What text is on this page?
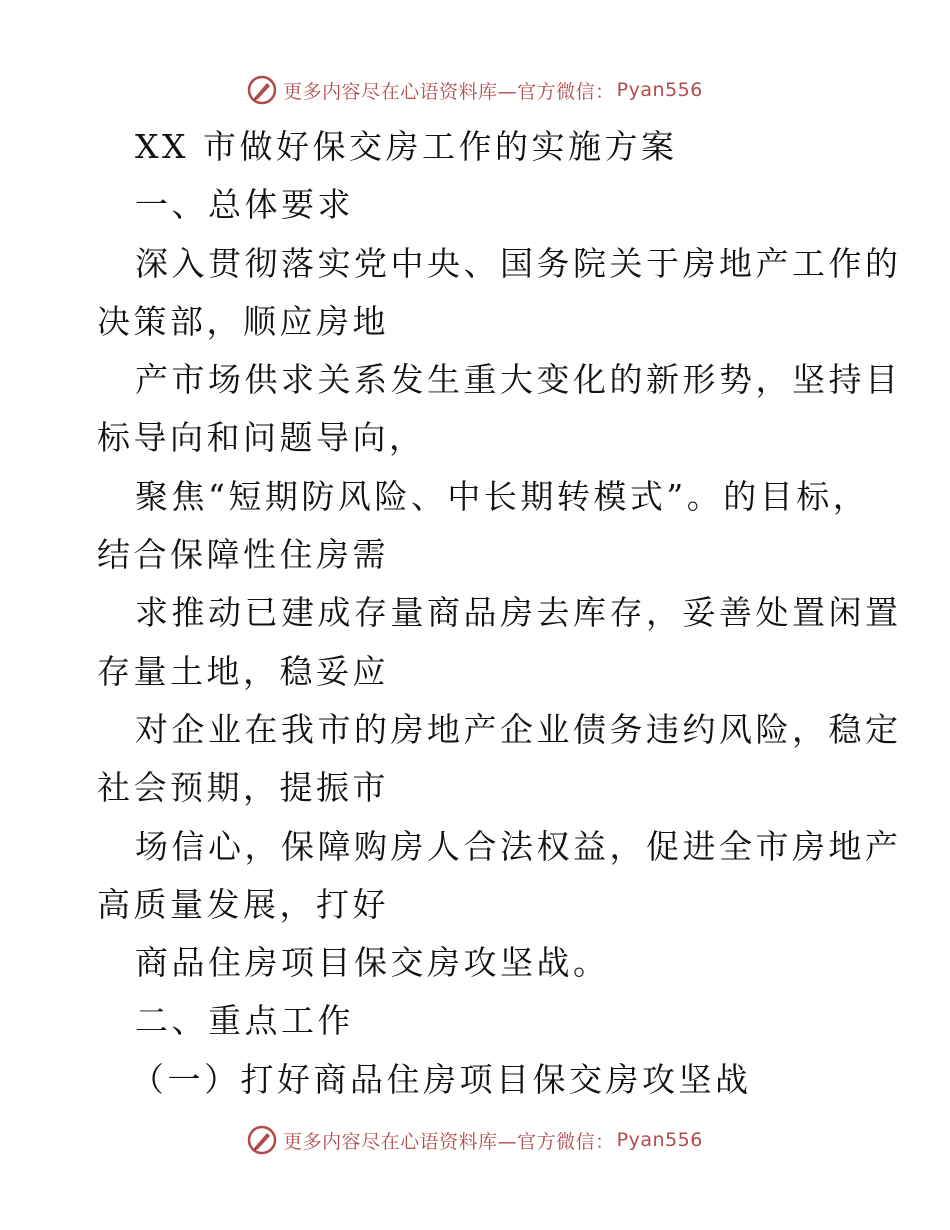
更多内容尽在心语资料库—官方微信： Pyan556
XX 市做好保交房工作的实施方案
一、总体要求
深入贯彻落实党中央、国务院关于房地产工作的
决策部，顺应房地
产市场供求关系发生重大变化的新形势，坚持目
标导向和问题导向，
聚焦“短期防风险、中长期转模式”。的目标，
结合保障性住房需
求推动已建成存量商品房去库存，妥善处置闲置
存量土地，稳妥应
对企业在我市的房地产企业债务违约风险，稳定
社会预期，提振市
场信心，保障购房人合法权益，促进全市房地产
高质量发展，打好
商品住房项目保交房攻坚战。
二、重点工作
（一）打好商品住房项目保交房攻坚战
更多内容尽在心语资料库—官方微信： Pyan556
